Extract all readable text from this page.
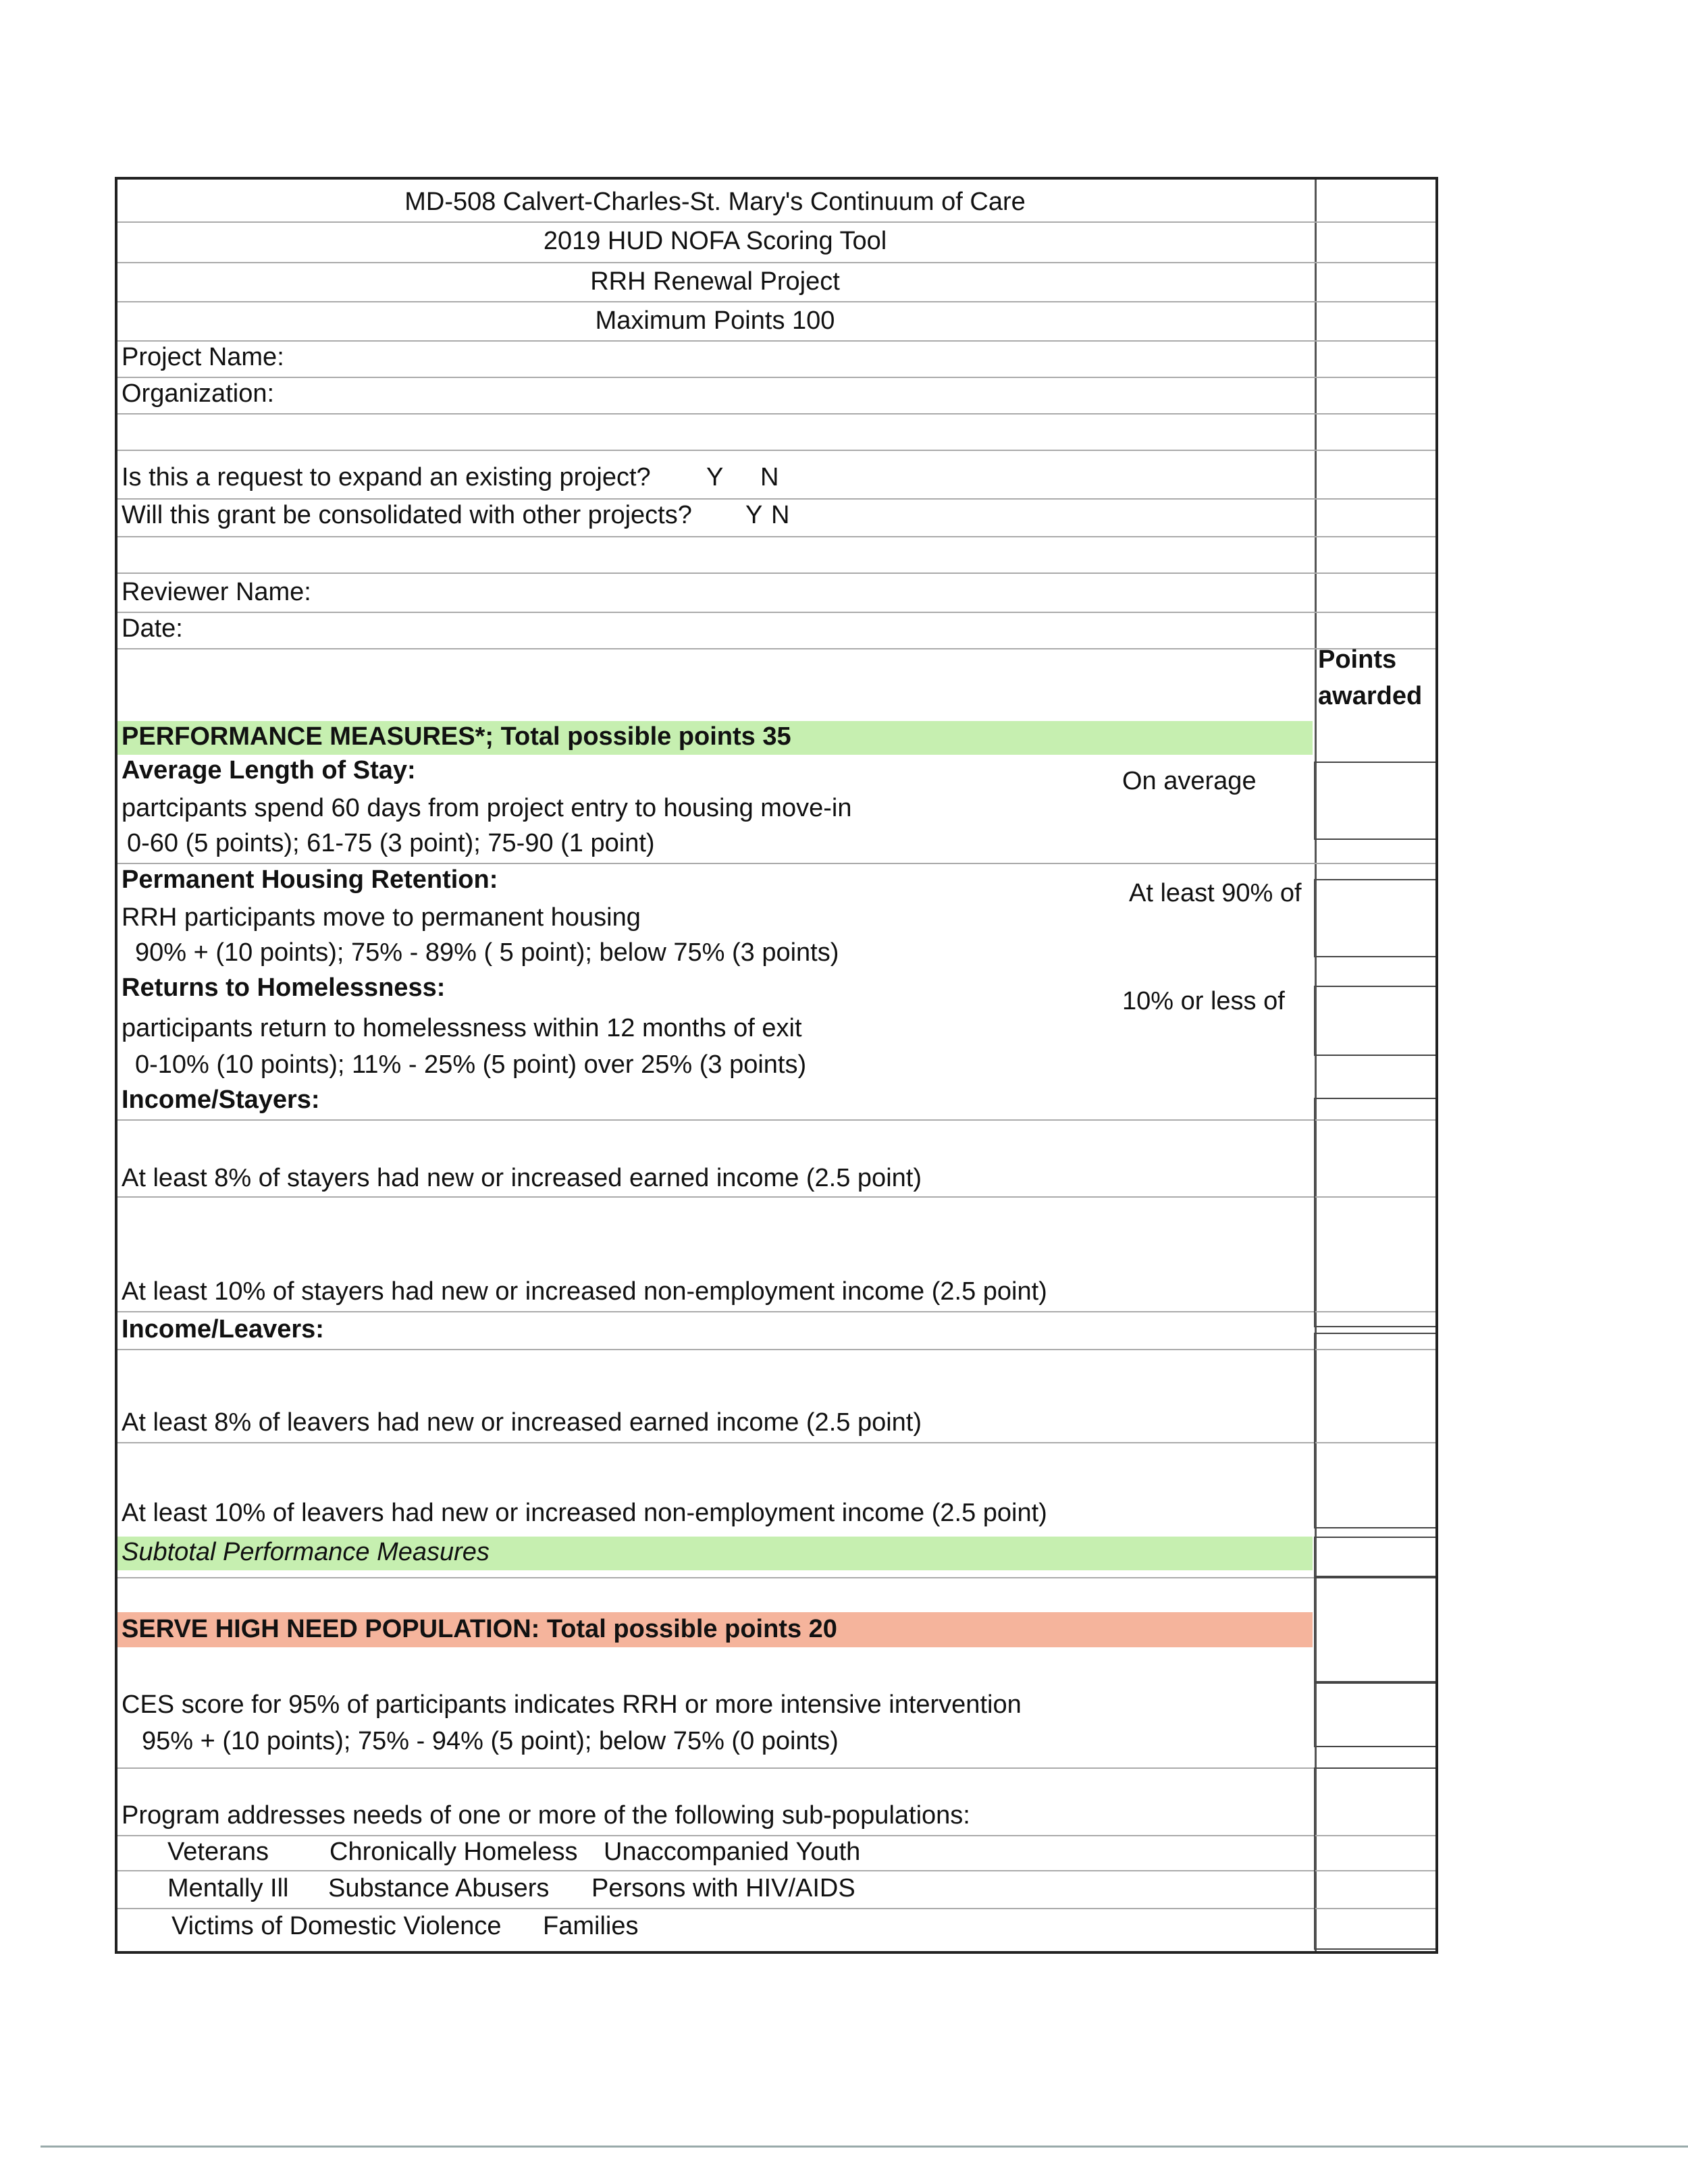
MD-508 Calvert-Charles-St. Mary's Continuum of Care
2019 HUD NOFA Scoring Tool
RRH Renewal Project
Maximum Points 100
Project Name:
Organization:
Is this a request to expand an existing project? Y N
Will this grant be consolidated with other projects? Y N
Reviewer Name:
Date:
Points
awarded
PERFORMANCE MEASURES*; Total possible points 35
Average Length of Stay:	On average
partcipants spend 60 days from project entry to housing move-in
0-60 (5 points); 61-75 (3 point); 75-90 (1 point)
Permanent Housing Retention:	At least 90% of
RRH participants move to permanent housing
90% + (10 points); 75% - 89% ( 5 point); below 75% (3 points)
Returns to Homelessness:	10% or less of
participants return to homelessness within 12 months of exit
0-10% (10 points); 11% - 25% (5 point) over 25% (3 points)
Income/Stayers:
At least 8% of stayers had new or increased earned income (2.5 point)
At least 10% of stayers had new or increased non-employment income (2.5 point)
Income/Leavers:
At least 8% of leavers had new or increased earned income (2.5 point)
At least 10% of leavers had new or increased non-employment income (2.5 point)
Subtotal Performance Measures
SERVE HIGH NEED POPULATION: Total possible points 20
CES score for 95% of participants indicates RRH or more intensive intervention
95% + (10 points); 75% - 94% (5 point); below 75% (0 points)
Program addresses needs of one or more of the following sub-populations:
Veterans Chronically Homeless Unaccompanied Youth
Mentally Ill Substance Abusers Persons with HIV/AIDS
Victims of Domestic Violence Families
